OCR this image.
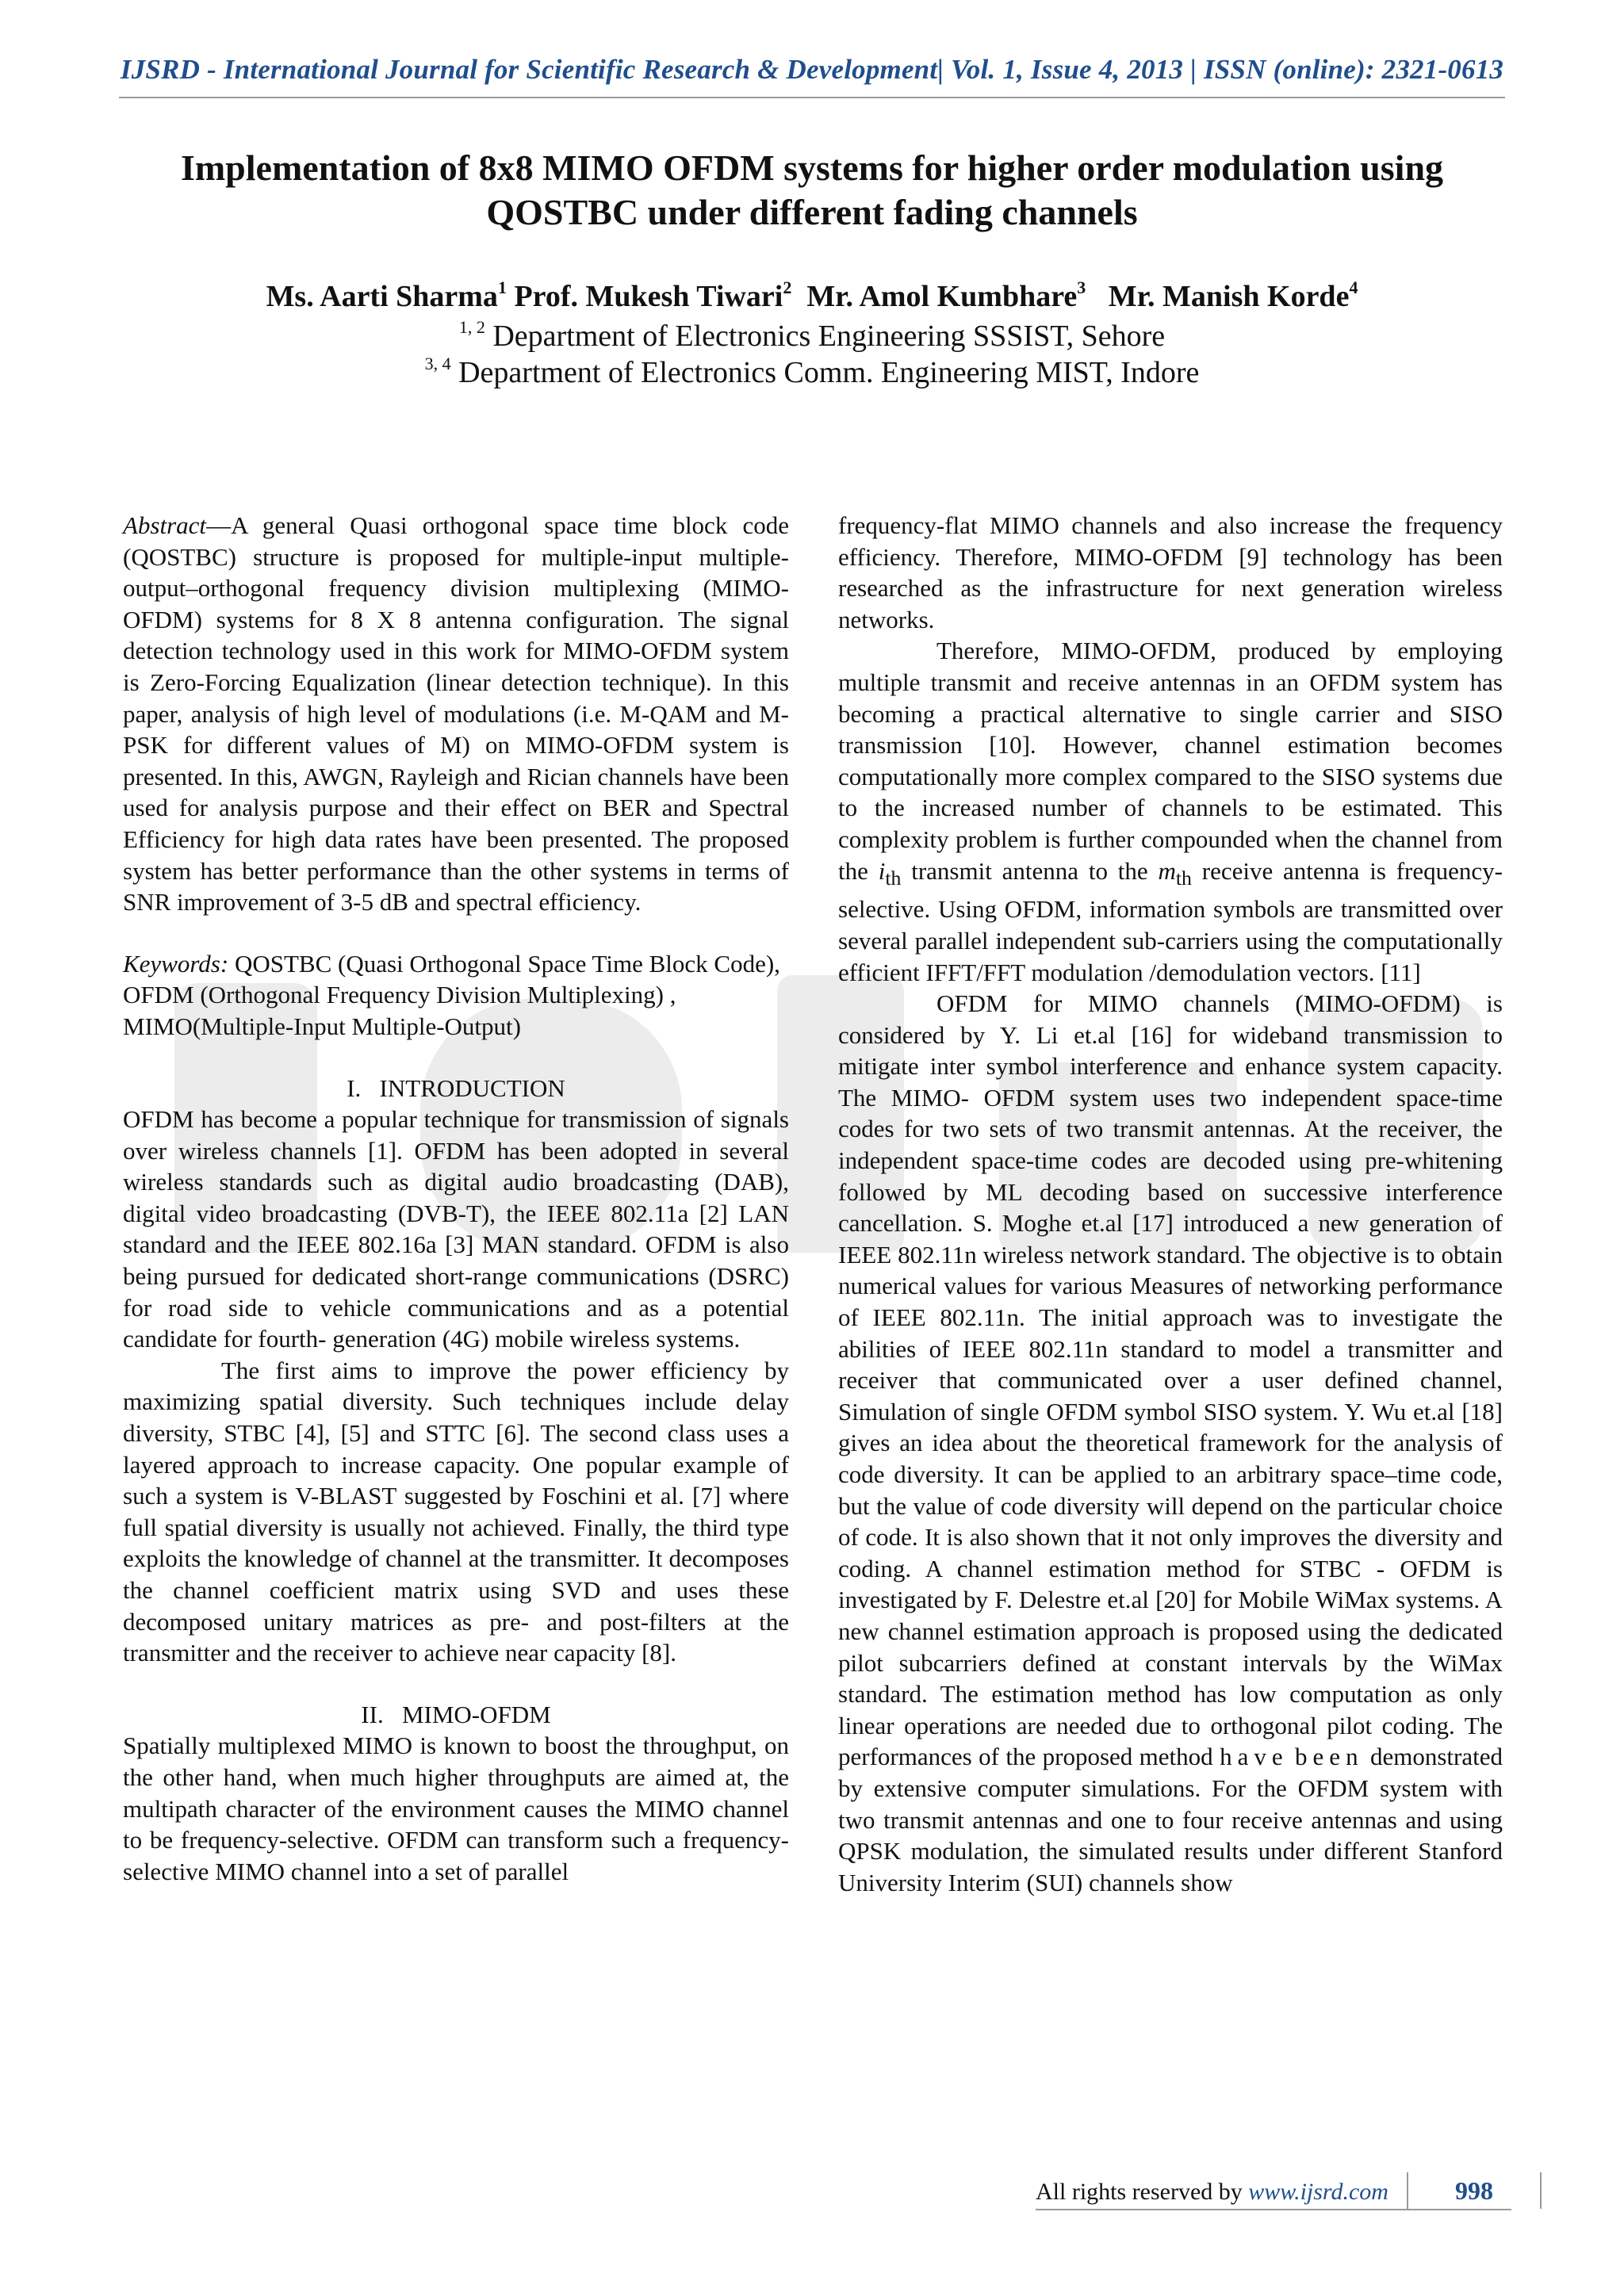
IJSRD - International Journal for Scientific Research & Development| Vol. 1, Issue 4, 2013 | ISSN (online): 2321-0613
Implementation of 8x8 MIMO OFDM systems for higher order modulation using
QOSTBC under different fading channels
Ms. Aarti Sharma$^1$ Prof. Mukesh Tiwari$^2$ Mr. Amol Kumbhare$^3$ Mr. Manish Korde$^4$
$^{1, 2}$ Department of Electronics Engineering SSSIST, Sehore
$^{3, 4}$ Department of Electronics Comm. Engineering MIST, Indore

Abstract—A general Quasi orthogonal space time block code (QOSTBC) structure is proposed for multiple-input multiple-output–orthogonal frequency division multiplexing (MIMO-OFDM) systems for 8 X 8 antenna configuration. The signal detection technology used in this work for MIMO-OFDM system is Zero-Forcing Equalization (linear detection technique). In this paper, analysis of high level of modulations (i.e. M-QAM and M-PSK for different values of M) on MIMO-OFDM system is presented. In this, AWGN, Rayleigh and Rician channels have been used for analysis purpose and their effect on BER and Spectral Efficiency for high data rates have been presented. The proposed system has better performance than the other systems in terms of SNR improvement of 3-5 dB and spectral efficiency.

Keywords: QOSTBC (Quasi Orthogonal Space Time Block Code), OFDM (Orthogonal Frequency Division Multiplexing) , MIMO(Multiple-Input Multiple-Output)

I.   INTRODUCTION

OFDM has become a popular technique for transmission of signals over wireless channels [1]. OFDM has been adopted in several wireless standards such as digital audio broadcasting (DAB), digital video broadcasting (DVB-T), the IEEE 802.11a [2] LAN standard and the IEEE 802.16a [3] MAN standard. OFDM is also being pursued for dedicated short-range communications (DSRC) for road side to vehicle communications and as a potential candidate for fourth- generation (4G) mobile wireless systems.

The first aims to improve the power efficiency by maximizing spatial diversity. Such techniques include delay diversity, STBC [4], [5] and STTC [6]. The second class uses a layered approach to increase capacity. One popular example of such a system is V-BLAST suggested by Foschini et al. [7] where full spatial diversity is usually not achieved. Finally, the third type exploits the knowledge of channel at the transmitter. It decomposes the channel coefficient matrix using SVD and uses these decomposed unitary matrices as pre- and post-filters at the transmitter and the receiver to achieve near capacity [8].

II.   MIMO-OFDM

Spatially multiplexed MIMO is known to boost the throughput, on the other hand, when much higher throughputs are aimed at, the multipath character of the environment causes the MIMO channel to be frequency-selective. OFDM can transform such a frequency-selective MIMO channel into a set of parallel

frequency-flat MIMO channels and also increase the frequency efficiency. Therefore, MIMO-OFDM [9] technology has been researched as the infrastructure for next generation wireless networks.

Therefore, MIMO-OFDM, produced by employing multiple transmit and receive antennas in an OFDM system has becoming a practical alternative to single carrier and SISO transmission [10]. However, channel estimation becomes computationally more complex compared to the SISO systems due to the increased number of channels to be estimated. This complexity problem is further compounded when the channel from the $i_{th}$ transmit antenna to the $m_{th}$ receive antenna is frequency-selective. Using OFDM, information symbols are transmitted over several parallel independent sub-carriers using the computationally efficient IFFT/FFT modulation /demodulation vectors. [11]

OFDM for MIMO channels (MIMO-OFDM) is considered by Y. Li et.al [16] for wideband transmission to mitigate inter symbol interference and enhance system capacity. The MIMO- OFDM system uses two independent space-time codes for two sets of two transmit antennas. At the receiver, the independent space-time codes are decoded using pre-whitening followed by ML decoding based on successive interference cancellation. S. Moghe et.al [17] introduced a new generation of IEEE 802.11n wireless network standard. The objective is to obtain numerical values for various Measures of networking performance of IEEE 802.11n. The initial approach was to investigate the abilities of IEEE 802.11n standard to model a transmitter and receiver that communicated over a user defined channel, Simulation of single OFDM symbol SISO system. Y. Wu et.al [18] gives an idea about the theoretical framework for the analysis of code diversity. It can be applied to an arbitrary space–time code, but the value of code diversity will depend on the particular choice of code. It is also shown that it not only improves the diversity and coding. A channel estimation method for STBC - OFDM is investigated by F. Delestre et.al [20] for Mobile WiMax systems. A new channel estimation approach is proposed using the dedicated pilot subcarriers defined at constant intervals by the WiMax standard. The estimation method has low computation as only linear operations are needed due to orthogonal pilot coding. The performances of the proposed method have been demonstrated by extensive computer simulations. For the OFDM system with two transmit antennas and one to four receive antennas and using QPSK modulation, the simulated results under different Stanford University Interim (SUI) channels show

All rights reserved by www.ijsrd.com	998
